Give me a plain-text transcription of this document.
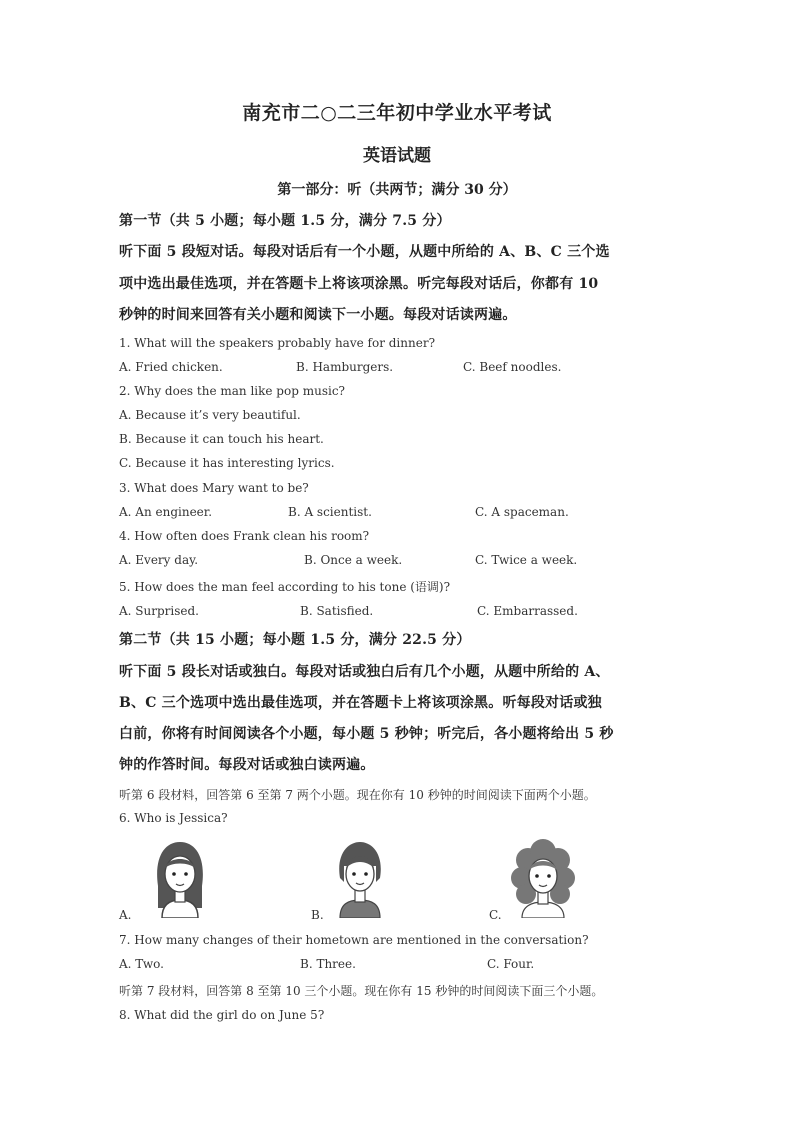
南充市二○二三年初中学业水平考试
英语试题
第一部分：听（共两节；满分 30 分）
第一节（共 5 小题；每小题 1.5 分，满分 7.5 分）
听下面 5 段短对话。每段对话后有一个小题，从题中所给的 A、B、C 三个选
项中选出最佳选项，并在答题卡上将该项涂黑。听完每段对话后，你都有 10
秒钟的时间来回答有关小题和阅读下一小题。每段对话读两遍。
1. What will the speakers probably have for dinner?
A. Fried chicken.	B. Hamburgers.	C. Beef noodles.
2. Why does the man like pop music?
A. Because it’s very beautiful.
B. Because it can touch his heart.
C. Because it has interesting lyrics.
3. What does Mary want to be?
A. An engineer.	B. A scientist.	C. A spaceman.
4. How often does Frank clean his room?
A. Every day.	B. Once a week.	C. Twice a week.
5. How does the man feel according to his tone (语调)?
A. Surprised.	B. Satisfied.	C. Embarrassed.
第二节（共 15 小题；每小题 1.5 分，满分 22.5 分）
听下面 5 段长对话或独白。每段对话或独白后有几个小题，从题中所给的 A、
B、C 三个选项中选出最佳选项，并在答题卡上将该项涂黑。听每段对话或独
白前，你将有时间阅读各个小题，每小题 5 秒钟；听完后，各小题将给出 5 秒
钟的作答时间。每段对话或独白读两遍。
听第 6 段材料，回答第 6 至第 7 两个小题。现在你有 10 秒钟的时间阅读下面两个小题。
6. Who is Jessica?
A.	B.	C.
7. How many changes of their hometown are mentioned in the conversation?
A. Two.	B. Three.	C. Four.
听第 7 段材料，回答第 8 至第 10 三个小题。现在你有 15 秒钟的时间阅读下面三个小题。
8. What did the girl do on June 5?
